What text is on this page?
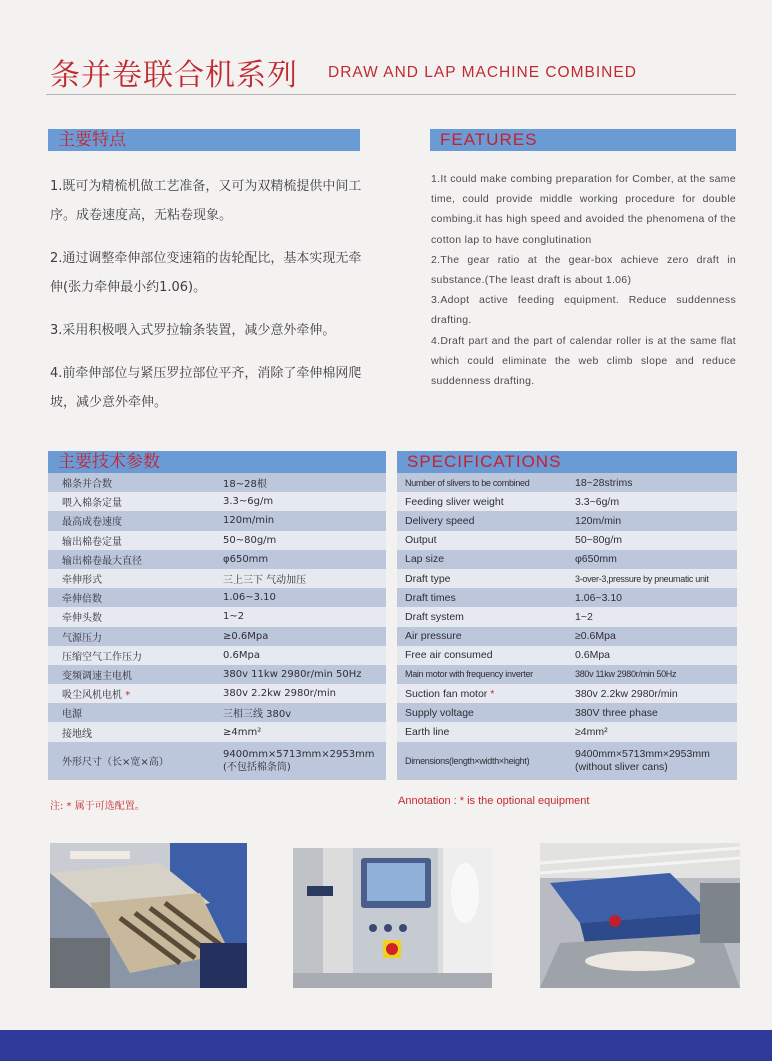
条并卷联合机系列 DRAW AND LAP MACHINE COMBINED
主要特点	FEATURES

1.既可为精梳机做工艺准备，又可为双精梳提供中间工序。成卷速度高，无粘卷现象。

2.通过调整牵伸部位变速箱的齿轮配比，基本实现无牵伸(张力牵伸最小约1.06)。

3.采用积极喂入式罗拉输条装置，减少意外牵伸。

4.前牵伸部位与紧压罗拉部位平齐，消除了牵伸棉网爬坡，减少意外牵伸。

1.It could make combing preparation for Comber, at the same time, could provide middle working procedure for double combing.it has high speed and avoided the phenomena of the cotton lap to have conglutination

2.The gear ratio at the gear-box achieve zero draft in substance.(The least draft is about 1.06)

3.Adopt active feeding equipment. Reduce suddenness drafting.

4.Draft part and the part of calendar roller is at the same flat which could eliminate the web climb slope and reduce suddenness drafting.

主要技术参数	SPECIFICATIONS
棉条并合数	18~28根
喂入棉条定量	3.3~6g/m
最高成卷速度	120m/min
输出棉卷定量	50~80g/m
输出棉卷最大直径	φ650mm
牵伸形式	三上三下 气动加压
牵伸倍数	1.06~3.10
牵伸头数	1~2
气源压力	≥0.6Mpa
压缩空气工作压力	0.6Mpa
变频调速主电机	380v 11kw 2980r/min 50Hz
吸尘风机电机 *	380v 2.2kw 2980r/min
电源	三相三线 380v
接地线	≥4mm²
外形尺寸（长×宽×高）	9400mm×5713mm×2953mm
(不包括棉条筒)
Number of slivers to be combined	18~28strims
Feeding sliver weight	3.3~6g/m
Delivery speed	120m/min
Output	50~80g/m
Lap size	φ650mm
Draft type	3-over-3,pressure by pneumatic unit
Draft times	1.06~3.10
Draft system	1~2
Air pressure	≥0.6Mpa
Free air consumed	0.6Mpa
Main motor with frequency inverter	380v 11kw 2980r/min 50Hz
Suction fan motor *	380v 2.2kw 2980r/min
Supply voltage	380V three phase
Earth line	≥4mm²
Dimensions(length×width×height)	9400mm×5713mm×2953mm
(without sliver cans)
注: * 属于可选配置。	Annotation : * is the optional equipment
